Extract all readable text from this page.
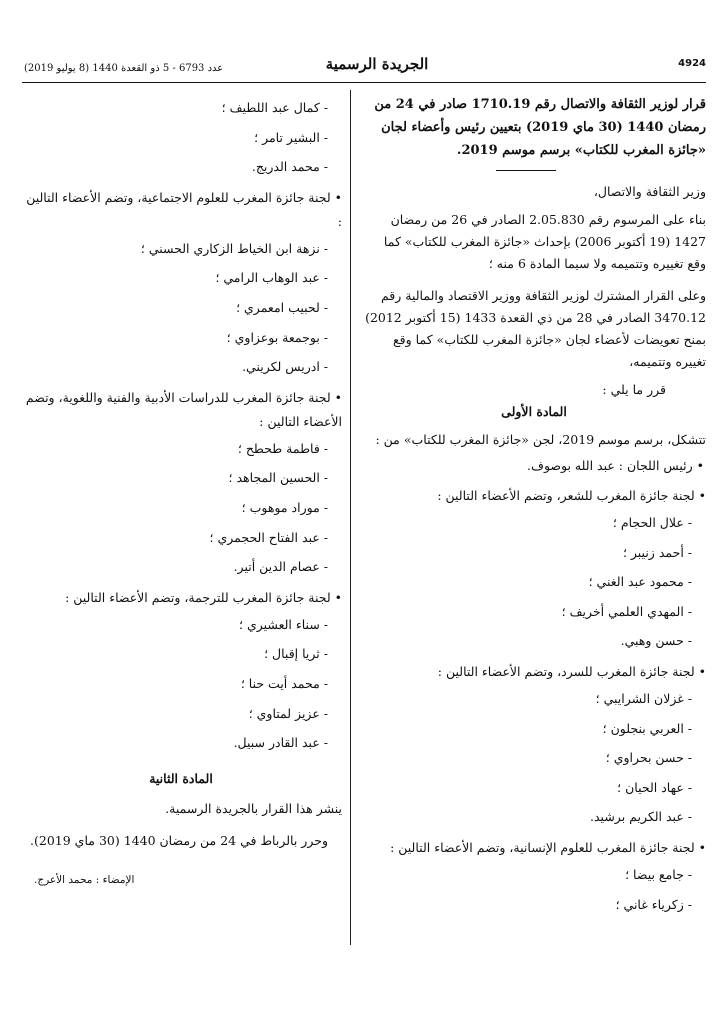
4924
الجريدة الرسمية
عدد 6793 - 5 ذو القعدة 1440 (8 يوليو 2019)

قرار لوزير الثقافة والاتصال رقم 1710.19 صادر في 24 من رمضان 1440 (30 ماي 2019) بتعيين رئيس وأعضاء لجان «جائزة المغرب للكتاب» برسم موسم 2019.

وزير الثقافة والاتصال،

بناء على المرسوم رقم 2.05.830 الصادر في 26 من رمضان 1427 (19 أكتوبر 2006) بإحداث «جائزة المغرب للكتاب» كما وقع تغييره وتتميمه ولا سيما المادة 6 منه ؛

وعلى القرار المشترك لوزير الثقافة ووزير الاقتصاد والمالية رقم 3470.12 الصادر في 28 من ذي القعدة 1433 (15 أكتوبر 2012) بمنح تعويضات لأعضاء لجان «جائزة المغرب للكتاب» كما وقع تغييره وتتميمه،

قرر ما يلي :

المادة الأولى

تتشكل، برسم موسم 2019، لجن «جائزة المغرب للكتاب» من :

• رئيس اللجان : عبد الله بوصوف.

• لجنة جائزة المغرب للشعر، وتضم الأعضاء التالين :

- علال الحجام ؛

- أحمد زنيبر ؛

- محمود عبد الغني ؛

- المهدي العلمي أخريف ؛

- حسن وهبي.

• لجنة جائزة المغرب للسرد، وتضم الأعضاء التالين :

- غزلان الشرايبي ؛

- العربي بنجلون ؛

- حسن بحراوي ؛

- عهاد الحيان ؛

- عبد الكريم برشيد.

• لجنة جائزة المغرب للعلوم الإنسانية، وتضم الأعضاء التالين :

- جامع بيضا ؛

- زكرياء غاني ؛

- كمال عبد اللطيف ؛

- البشير تامر ؛

- محمد الدريج.

• لجنة جائزة المغرب للعلوم الاجتماعية، وتضم الأعضاء التالين :

- نزهة ابن الخياط الزكاري الحسني ؛

- عبد الوهاب الرامي ؛

- لحبيب امعمري ؛

- بوجمعة بوعزاوي ؛

- ادريس لكريني.

• لجنة جائزة المغرب للدراسات الأدبية والفنية واللغوية، وتضم الأعضاء التالين :

- فاطمة طحطح ؛

- الحسين المجاهد ؛

- موراد موهوب ؛

- عبد الفتاح الحجمري ؛

- عصام الدين أتير.

• لجنة جائزة المغرب للترجمة، وتضم الأعضاء التالين :

- سناء العشيري ؛

- ثريا إقبال ؛

- محمد أيت حنا ؛

- عزيز لمتاوي ؛

- عبد القادر سبيل.

المادة الثانية

ينشر هذا القرار بالجريدة الرسمية.

وحرر بالرباط في 24 من رمضان 1440 (30 ماي 2019).

الإمضاء : محمد الأعرج.
